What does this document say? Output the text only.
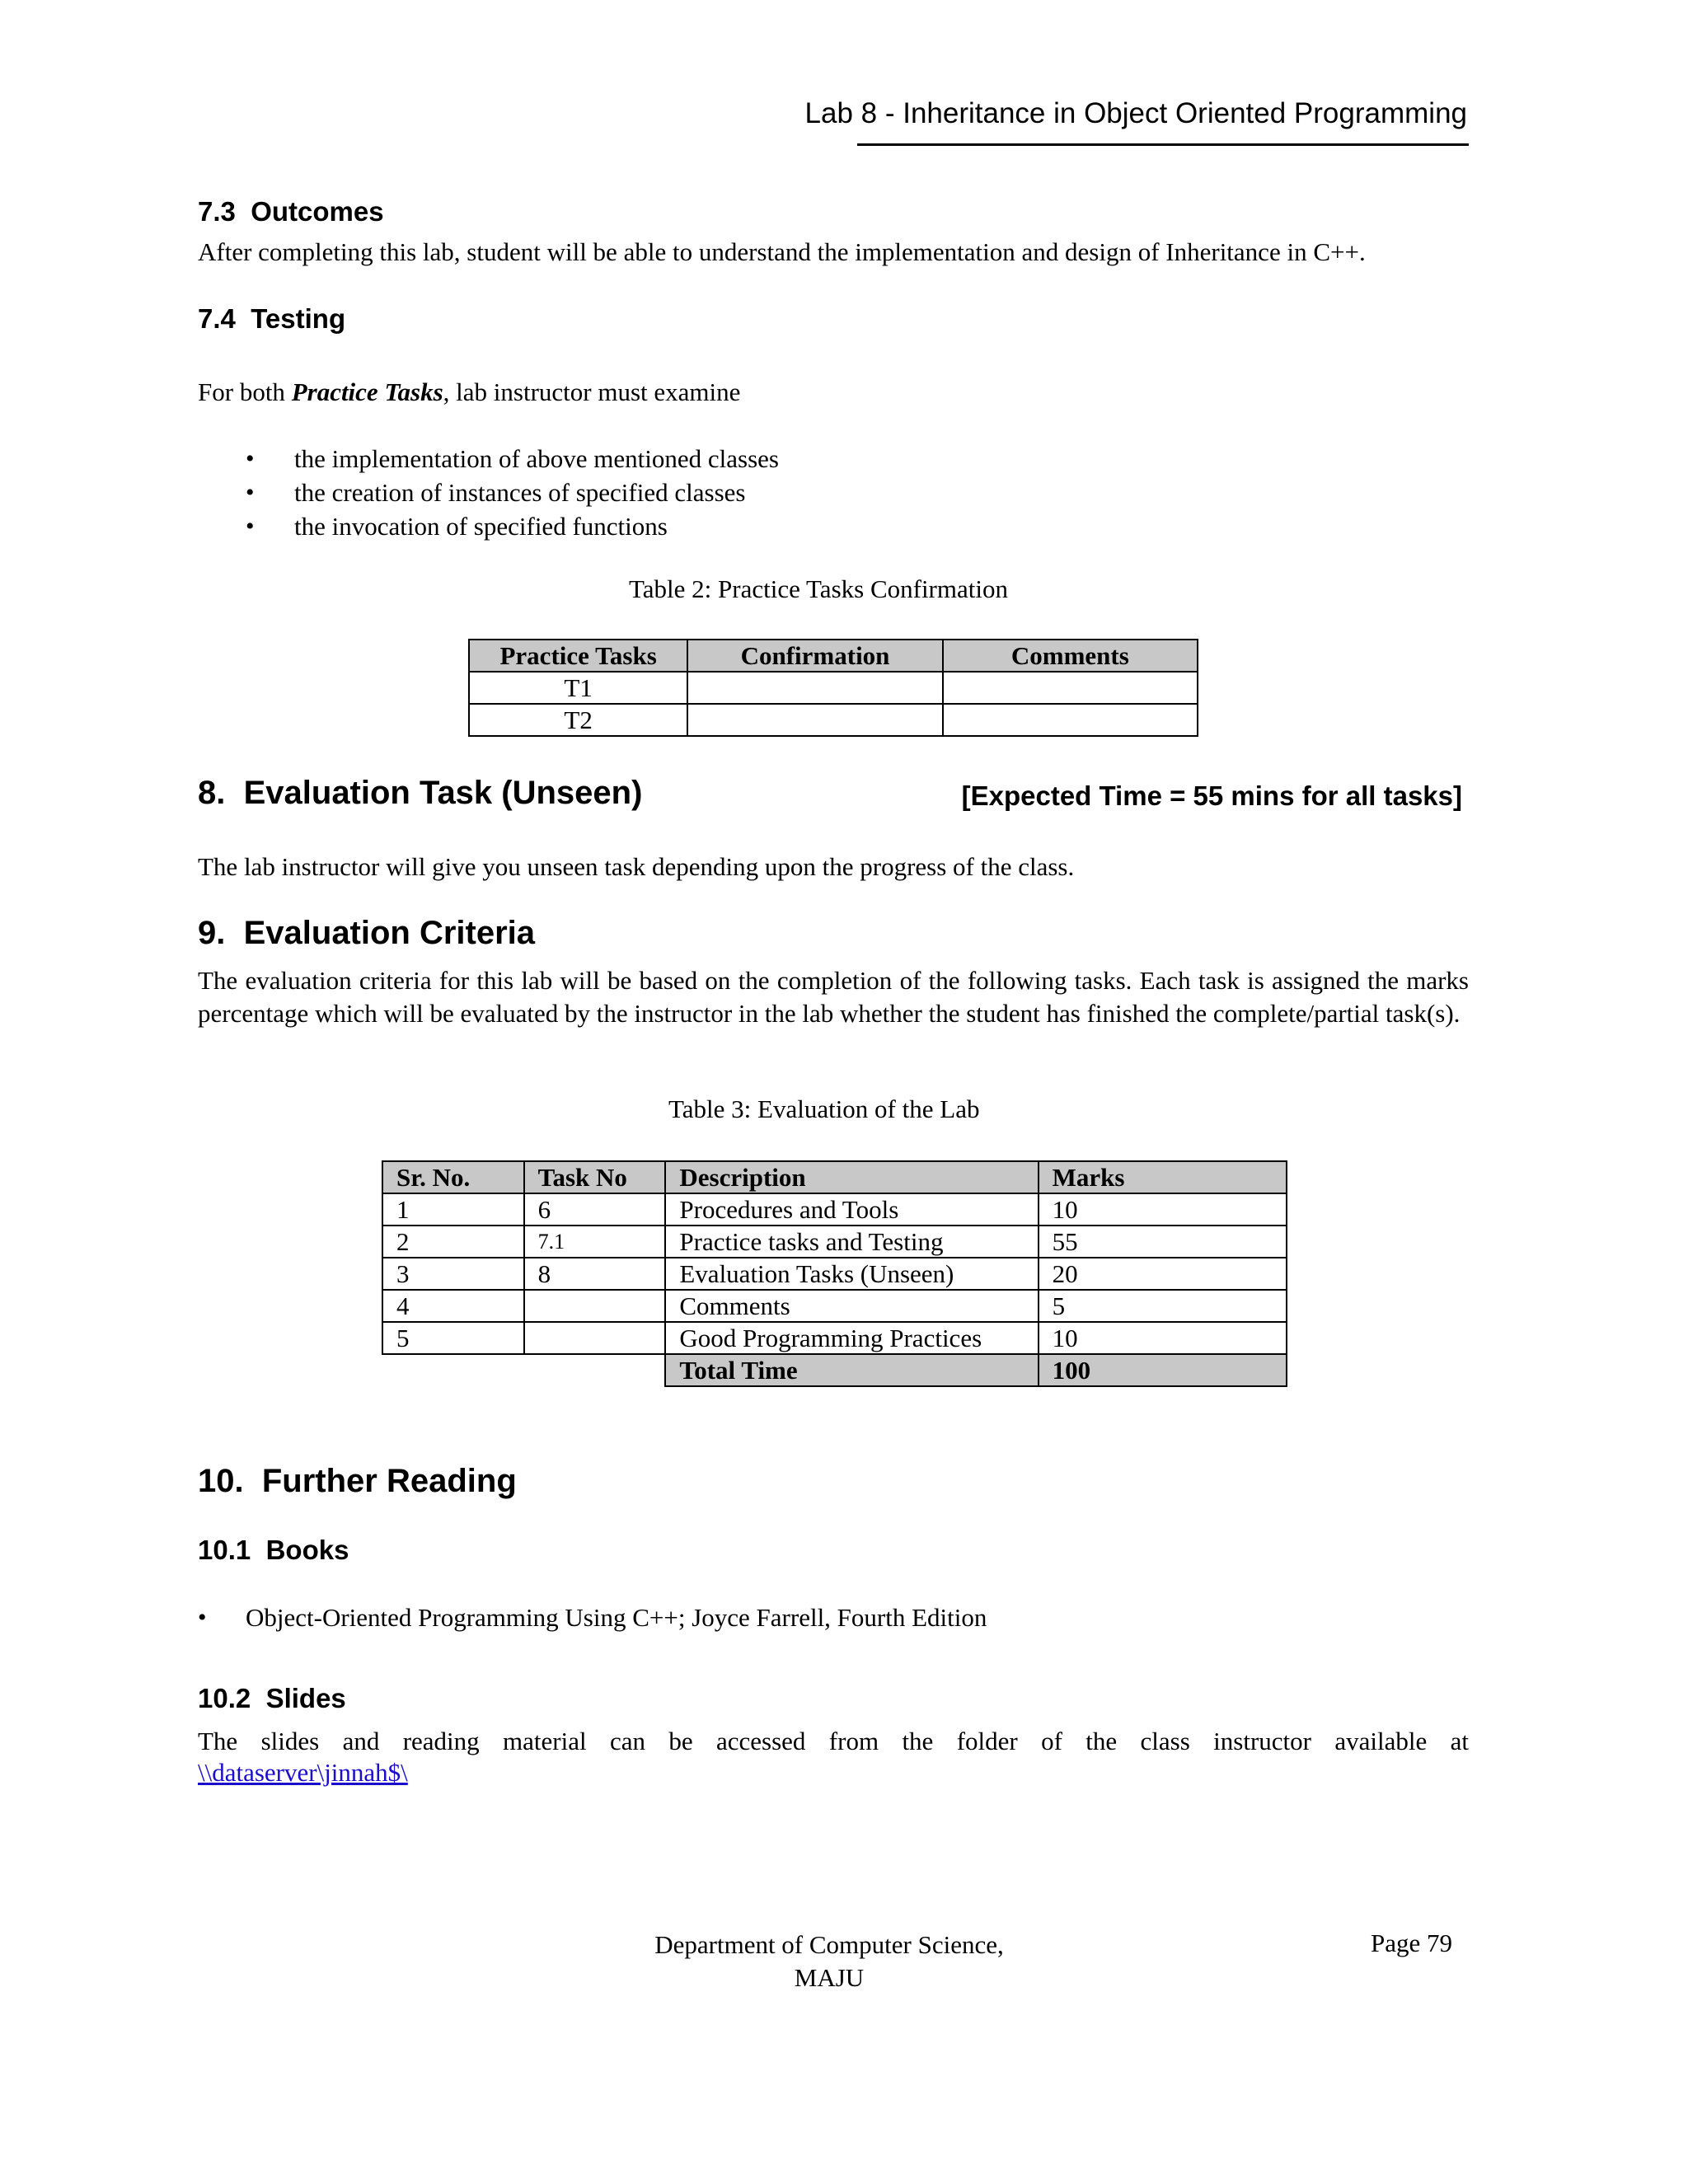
Lab 8 - Inheritance in Object Oriented Programming
7.3 Outcomes
After completing this lab, student will be able to understand the implementation and design of Inheritance in C++.
7.4 Testing
For both Practice Tasks, lab instructor must examine
• the implementation of above mentioned classes
• the creation of instances of specified classes
• the invocation of specified functions
Table 2: Practice Tasks Confirmation
Practice Tasks	Confirmation	Comments
T1		
T2		
8. Evaluation Task (Unseen)	[Expected Time = 55 mins for all tasks]
The lab instructor will give you unseen task depending upon the progress of the class.
9. Evaluation Criteria
The evaluation criteria for this lab will be based on the completion of the following tasks. Each task is assigned the marks percentage which will be evaluated by the instructor in the lab whether the student has finished the complete/partial task(s).
Table 3: Evaluation of the Lab
Sr. No.	Task No	Description	Marks
1	6	Procedures and Tools	10
2	7.1	Practice tasks and Testing	55
3	8	Evaluation Tasks (Unseen)	20
4		Comments	5
5		Good Programming Practices	10
		Total Time	100
10. Further Reading
10.1 Books
• Object-Oriented Programming Using C++; Joyce Farrell, Fourth Edition
10.2 Slides
The slides and reading material can be accessed from the folder of the class instructor available at
\\dataserver\jinnah$\
Department of Computer Science,
MAJU
Page 79
